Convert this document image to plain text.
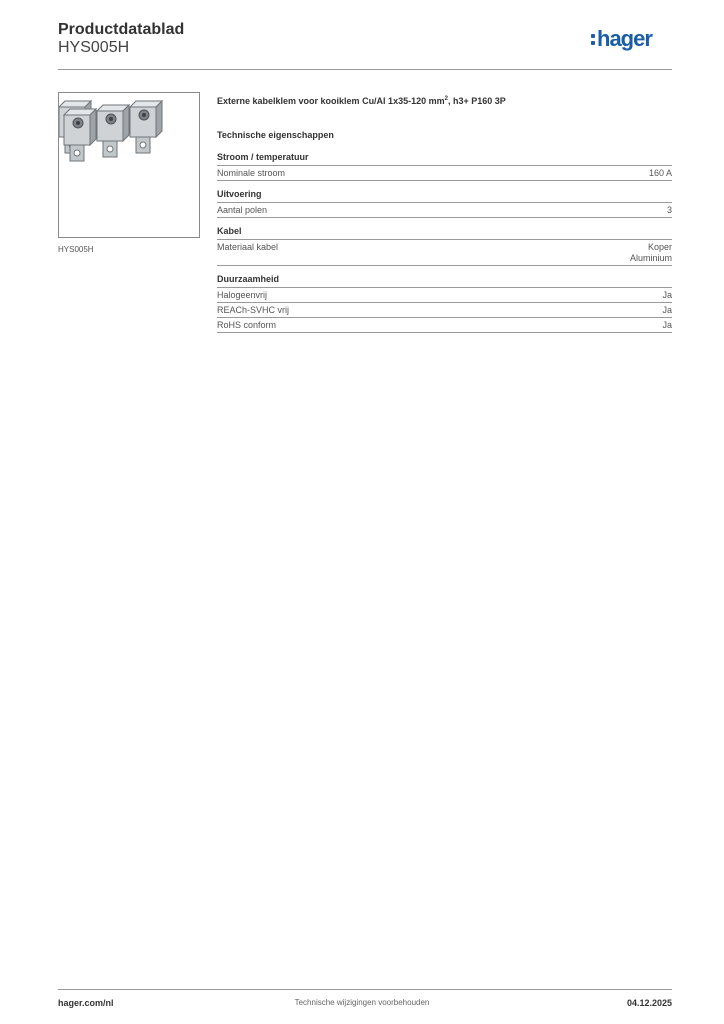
Productdatablad
HYS005H	hager
HYS005H
Externe kabelklem voor kooiklem Cu/Al 1x35-120 $mm^2$, h3+ P160 3P
Technische eigenschappen
Stroom / temperatuur
Nominale stroom	160 A
Uitvoering
Aantal polen	3
Kabel
Materiaal kabel	Koper
Aluminium
Duurzaamheid
Halogeenvrij	Ja
REACh-SVHC vrij	Ja
RoHS conform	Ja
hager.com/nl	Technische wijzigingen voorbehouden	04.12.2025
